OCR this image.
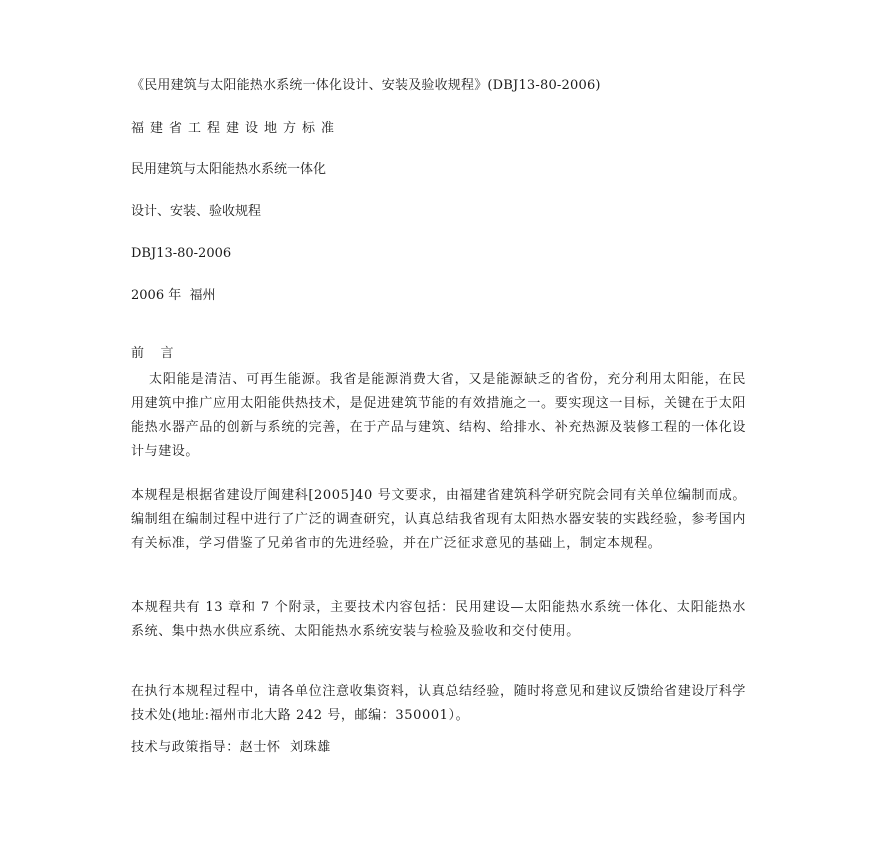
《民用建筑与太阳能热水系统一体化设计、安装及验收规程》(DBJ13-80-2006)

福建省工程建设地方标准

民用建筑与太阳能热水系统一体化

设计、安装、验收规程

DBJ13-80-2006

2006 年  福州

前    言

太阳能是清洁、可再生能源。我省是能源消费大省，又是能源缺乏的省份，充分利用太阳能，在民用建筑中推广应用太阳能供热技术，是促进建筑节能的有效措施之一。要实现这一目标，关键在于太阳能热水器产品的创新与系统的完善，在于产品与建筑、结构、给排水、补充热源及装修工程的一体化设计与建设。

本规程是根据省建设厅闽建科[2005]40 号文要求，由福建省建筑科学研究院会同有关单位编制而成。编制组在编制过程中进行了广泛的调查研究，认真总结我省现有太阳热水器安装的实践经验，参考国内有关标准，学习借鉴了兄弟省市的先进经验，并在广泛征求意见的基础上，制定本规程。

本规程共有 13 章和 7 个附录，主要技术内容包括：民用建设—太阳能热水系统一体化、太阳能热水系统、集中热水供应系统、太阳能热水系统安装与检验及验收和交付使用。

在执行本规程过程中，请各单位注意收集资料，认真总结经验，随时将意见和建议反馈给省建设厅科学技术处(地址:福州市北大路 242 号，邮编：350001）。

技术与政策指导：赵士怀  刘珠雄
